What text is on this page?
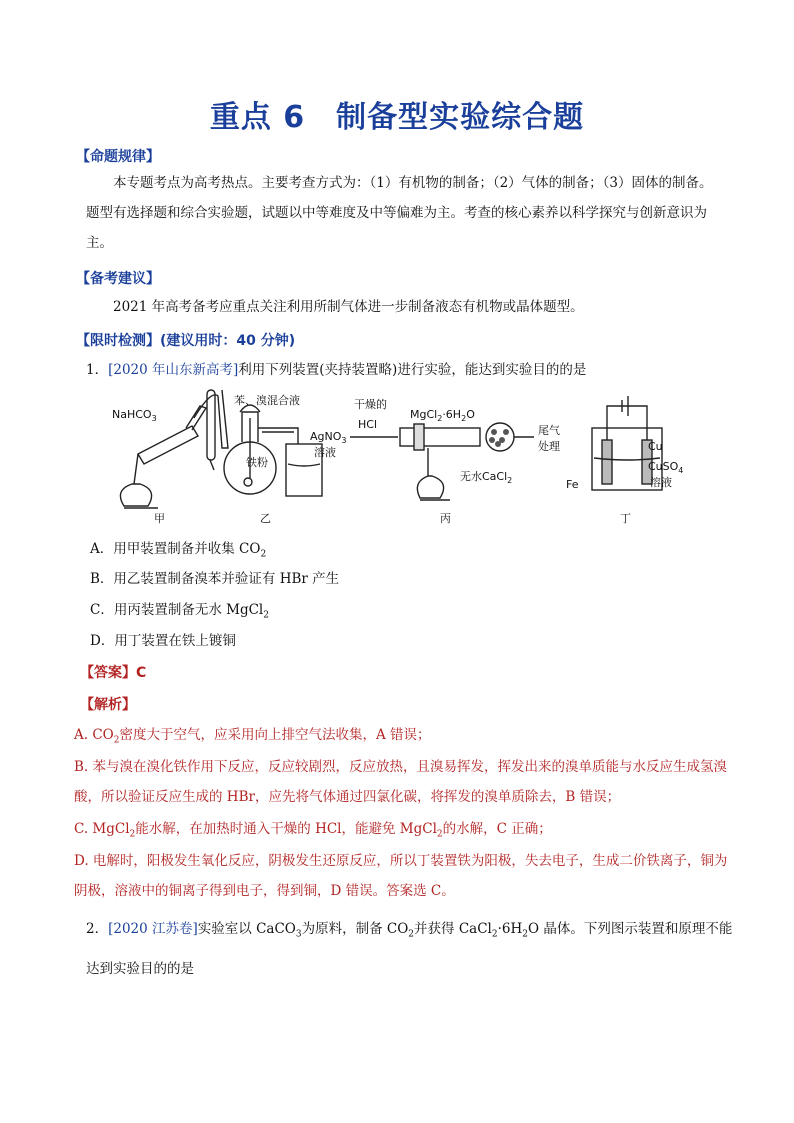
重点 6　制备型实验综合题
【命题规律】
本专题考点为高考热点。主要考查方式为：（1）有机物的制备；（2）气体的制备；（3）固体的制备。题型有选择题和综合实验题，试题以中等难度及中等偏难为主。考查的核心素养以科学探究与创新意识为主。
【备考建议】
2021 年高考备考应重点关注利用所制气体进一步制备液态有机物或晶体题型。
【限时检测】(建议用时：40 分钟)
1．[2020 年山东新高考]利用下列装置(夹持装置略)进行实验，能达到实验目的的是
NaHCO$_3$
苯、溴混合液
铁粉
AgNO$_3$
溶液
干燥的
HCl
$MgCl_2\cdot 6H_2O$
无水CaCl$_2$
尾气
处理	Cu
Fe
CuSO$_4$
溶液
甲	乙	丙	丁
A．用甲装置制备并收集 $CO_2$
B．用乙装置制备溴苯并验证有 HBr 产生
C．用丙装置制备无水 MgCl$_2$
D．用丁装置在铁上镀铜
【答案】C
【解析】
A. $CO_2$密度大于空气，应采用向上排空气法收集，A 错误；
B. 苯与溴在溴化铁作用下反应，反应较剧烈，反应放热，且溴易挥发，挥发出来的溴单质能与水反应生成氢溴酸，所以验证反应生成的 HBr，应先将气体通过四氯化碳，将挥发的溴单质除去，B 错误；
C. MgCl$_2$能水解，在加热时通入干燥的 HCl，能避免 MgCl$_2$的水解，C 正确；
D. 电解时，阳极发生氧化反应，阴极发生还原反应，所以丁装置铁为阳极，失去电子，生成二价铁离子，铜为阴极，溶液中的铜离子得到电子，得到铜，D 错误。答案选 C。
2．[2020 江苏卷]实验室以 CaCO$_3$为原料，制备 $CO_2$并获得 $CaCl_2\cdot 6H_2O$ 晶体。下列图示装置和原理不能达到实验目的的是
